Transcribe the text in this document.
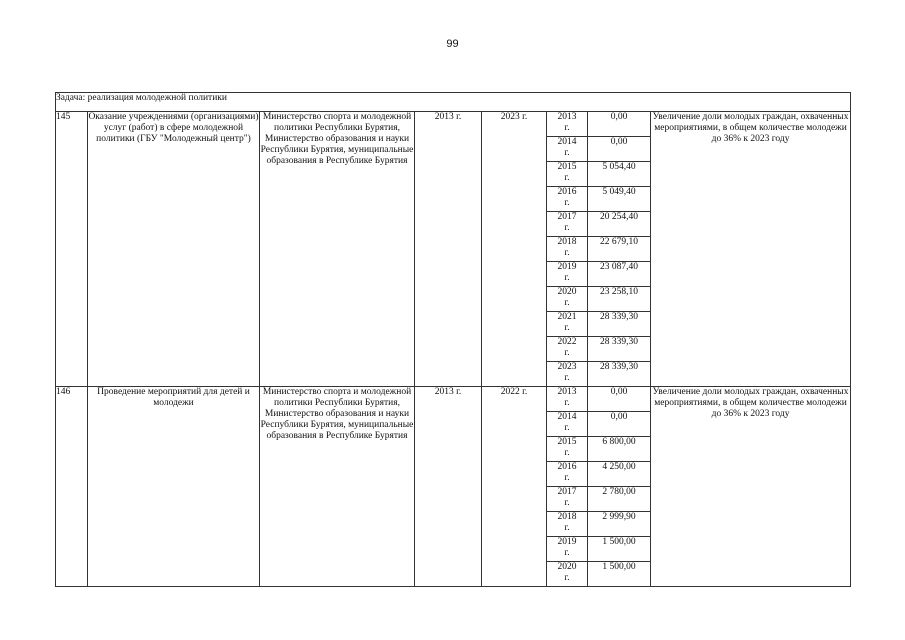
99
Задача: реализация молодежной политики							
145	Оказание учреждениями (организациями) услуг (работ) в сфере молодежной политики (ГБУ "Молодежный центр")	Министерство спорта и молодежной политики Республики Бурятия, Министерство образования и науки Республики Бурятия, муниципальные образования в Республике Бурятия	2013 г.	2023 г.	2013
г.	0,00	Увеличение доли молодых граждан, охваченных мероприятиями, в общем количестве молодежи до 36% к 2023 году

					2014
г.	0,00	

					2015
г.	5 054,40	

					2016
г.	5 049,40	

					2017
г.	20 254,40	

					2018
г.	22 679,10	

					2019
г.	23 087,40	

					2020
г.	23 258,10	

					2021
г.	28 339,30	

					2022
г.	28 339,30	

					2023
г.	28 339,30	
146	Проведение мероприятий для детей и молодежи	Министерство спорта и молодежной политики Республики Бурятия, Министерство образования и науки Республики Бурятия, муниципальные образования в Республике Бурятия	2013 г.	2022 г.	2013
г.	0,00	Увеличение доли молодых граждан, охваченных мероприятиями, в общем количестве молодежи до 36% к 2023 году

					2014
г.	0,00	

					2015
г.	6 800,00	

					2016
г.	4 250,00	

					2017
г.	2 780,00	

					2018
г.	2 999,90	

					2019
г.	1 500,00	

					2020
г.	1 500,00	
